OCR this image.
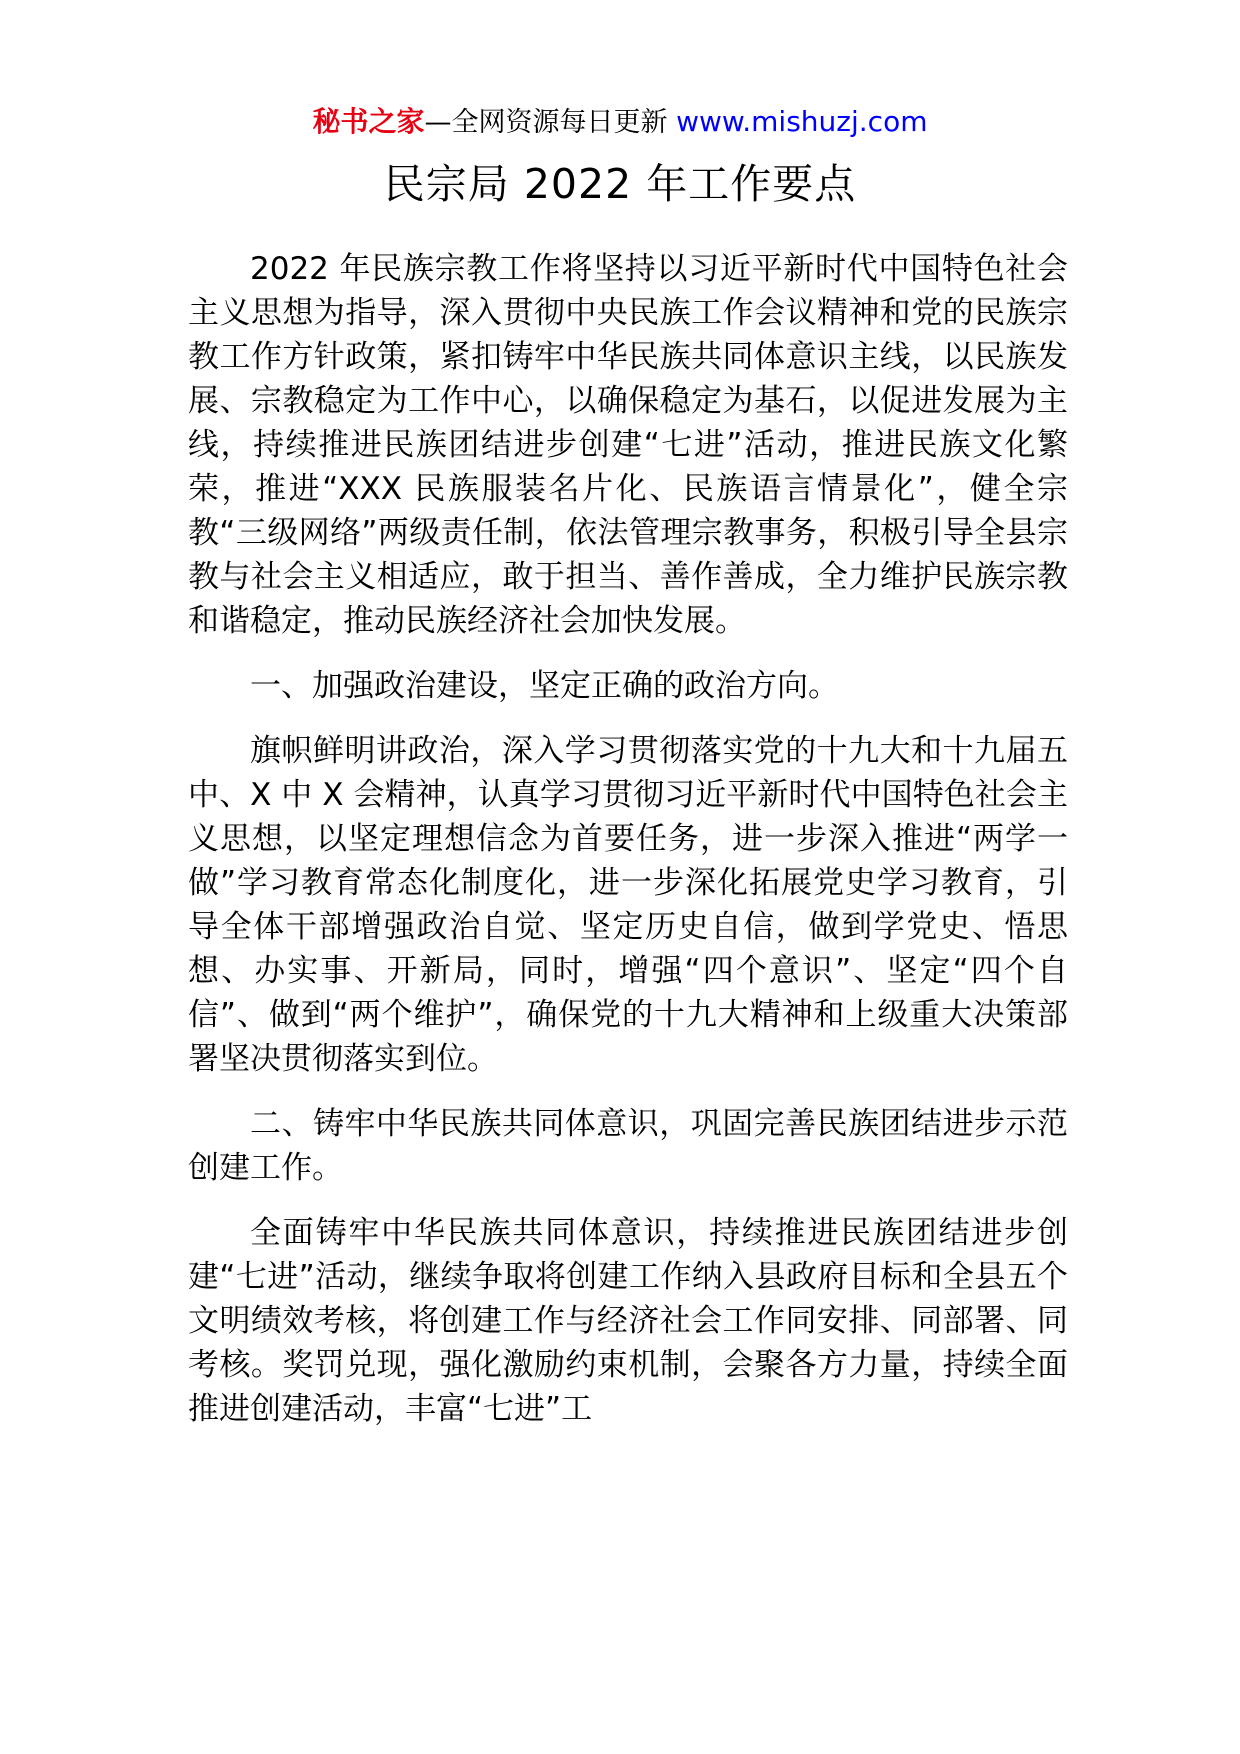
秘书之家—全网资源每日更新 www.mishuzj.com
民宗局 2022 年工作要点

2022 年民族宗教工作将坚持以习近平新时代中国特色社会主义思想为指导，深入贯彻中央民族工作会议精神和党的民族宗教工作方针政策，紧扣铸牢中华民族共同体意识主线，以民族发展、宗教稳定为工作中心，以确保稳定为基石，以促进发展为主线，持续推进民族团结进步创建“七进”活动，推进民族文化繁荣，推进“XXX 民族服装名片化、民族语言情景化”，健全宗教“三级网络”两级责任制，依法管理宗教事务，积极引导全县宗教与社会主义相适应，敢于担当、善作善成，全力维护民族宗教和谐稳定，推动民族经济社会加快发展。

一、加强政治建设，坚定正确的政治方向。

旗帜鲜明讲政治，深入学习贯彻落实党的十九大和十九届五中、X 中 X 会精神，认真学习贯彻习近平新时代中国特色社会主义思想，以坚定理想信念为首要任务，进一步深入推进“两学一做”学习教育常态化制度化，进一步深化拓展党史学习教育，引导全体干部增强政治自觉、坚定历史自信，做到学党史、悟思想、办实事、开新局，同时，增强“四个意识”、坚定“四个自信”、做到“两个维护”，确保党的十九大精神和上级重大决策部署坚决贯彻落实到位。

二、铸牢中华民族共同体意识，巩固完善民族团结进步示范创建工作。

全面铸牢中华民族共同体意识，持续推进民族团结进步创建“七进”活动，继续争取将创建工作纳入县政府目标和全县五个文明绩效考核，将创建工作与经济社会工作同安排、同部署、同考核。奖罚兑现，强化激励约束机制，会聚各方力量，持续全面推进创建活动，丰富“七进”工
